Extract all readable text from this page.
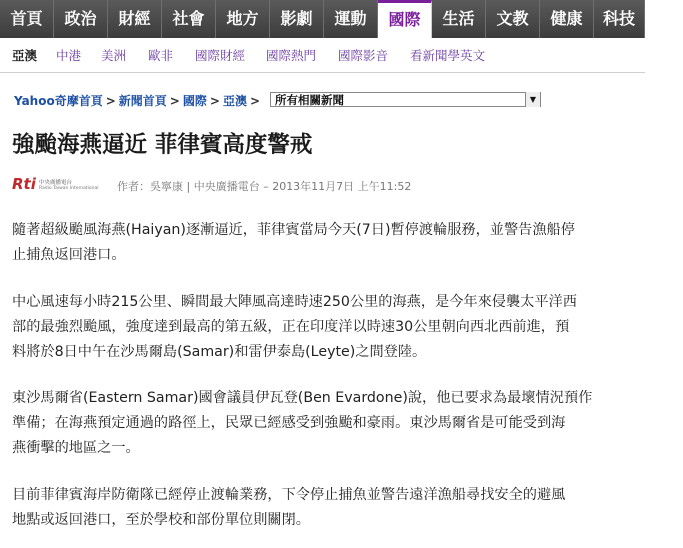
首頁	政治	財經	社會	地方	影劇	運動	國際	生活	文教	健康	科技
亞澳 中港 美洲 歐非 國際財經 國際熱門 國際影音 看新聞學英文
Yahoo奇摩首頁 > 新聞首頁 > 國際 > 亞澳 >	所有相關新聞	▼
強颱海燕逼近 菲律賓高度警戒
Rti 中央廣播電台
Radio Taiwan International 作者：吳寧康 | 中央廣播電台 – 2013年11月7日 上午11:52
隨著超級颱風海燕(Haiyan)逐漸逼近，菲律賓當局今天(7日)暫停渡輪服務，並警告漁船停
止捕魚返回港口。
中心風速每小時215公里、瞬間最大陣風高達時速250公里的海燕，是今年來侵襲太平洋西
部的最強烈颱風，強度達到最高的第五級，正在印度洋以時速30公里朝向西北西前進，預
料將於8日中午在沙馬爾島(Samar)和雷伊泰島(Leyte)之間登陸。
東沙馬爾省(Eastern Samar)國會議員伊瓦登(Ben Evardone)說，他已要求為最壞情況預作
準備；在海燕預定通過的路徑上，民眾已經感受到強颱和豪雨。東沙馬爾省是可能受到海
燕衝擊的地區之一。
目前菲律賓海岸防衛隊已經停止渡輪業務，下令停止捕魚並警告遠洋漁船尋找安全的避風
地點或返回港口，至於學校和部份單位則關閉。
